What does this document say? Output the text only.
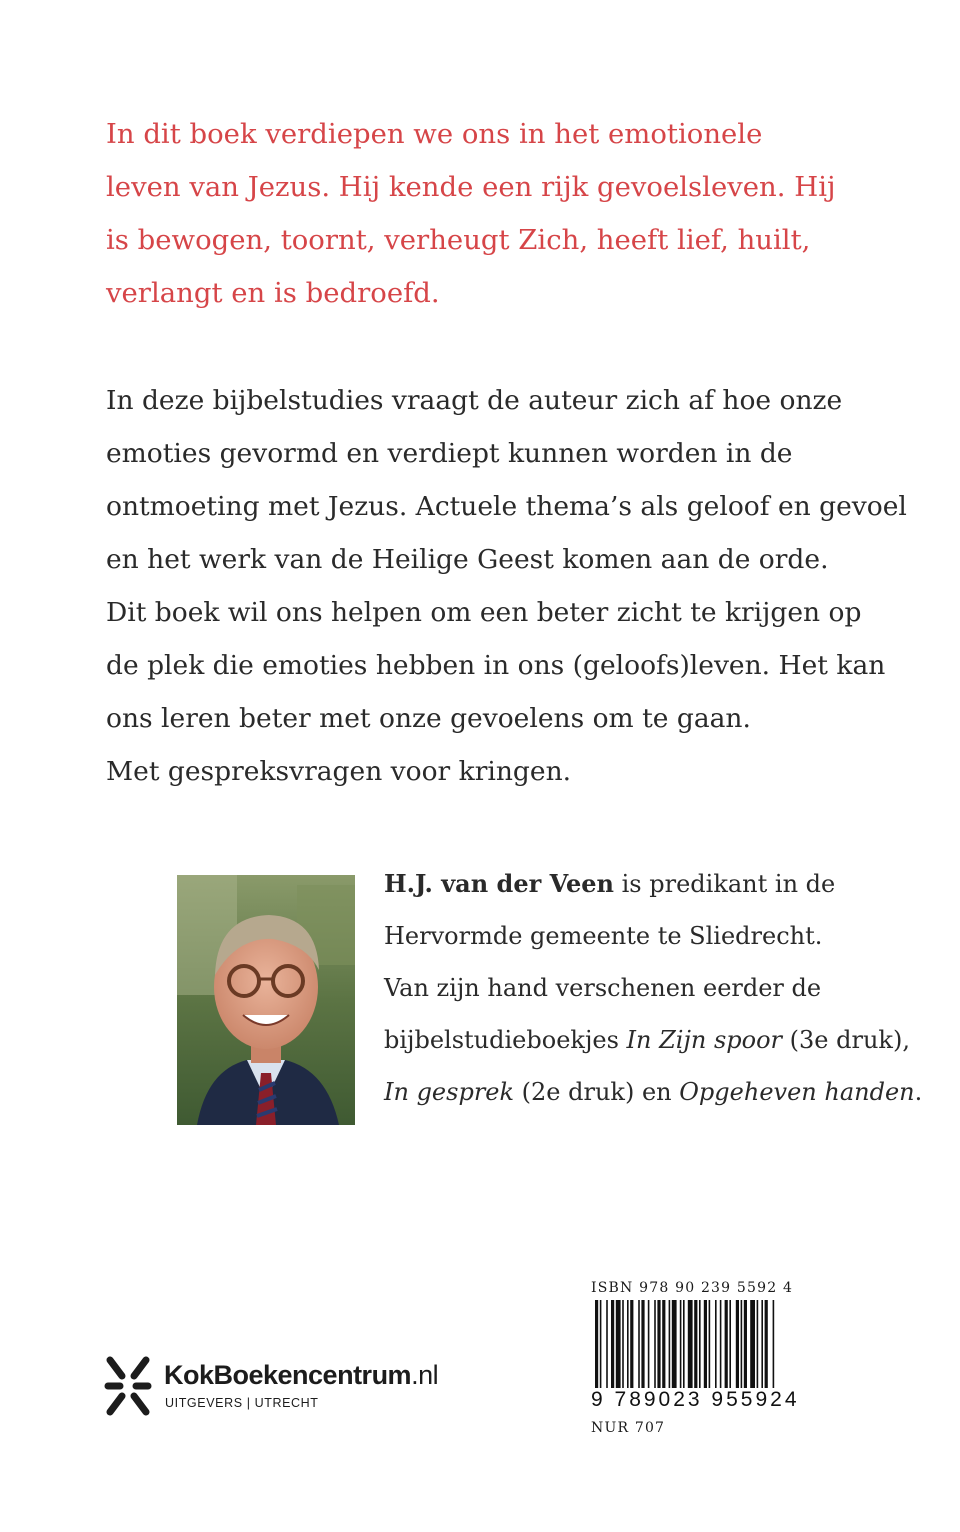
In dit boek verdiepen we ons in het emotionele

leven van Jezus. Hij kende een rijk gevoelsleven. Hij

is bewogen, toornt, verheugt Zich, heeft lief, huilt,

verlangt en is bedroefd.

In deze bijbelstudies vraagt de auteur zich af hoe onze

emoties gevormd en verdiept kunnen worden in de

ontmoeting met Jezus. Actuele thema’s als geloof en gevoel

en het werk van de Heilige Geest komen aan de orde.

Dit boek wil ons helpen om een beter zicht te krijgen op

de plek die emoties hebben in ons (geloofs)leven. Het kan

ons leren beter met onze gevoelens om te gaan.

Met gespreksvragen voor kringen.

H.J. van der Veen is predikant in de

Hervormde gemeente te Sliedrecht.

Van zijn hand verschenen eerder de

bijbelstudieboekjes In Zijn spoor (3e druk),

In gesprek (2e druk) en Opgeheven handen.

KokBoekencentrum.nl
UITGEVERS | UTRECHT
ISBN 978 90 239 5592 4
9 789023 955924
NUR 707
